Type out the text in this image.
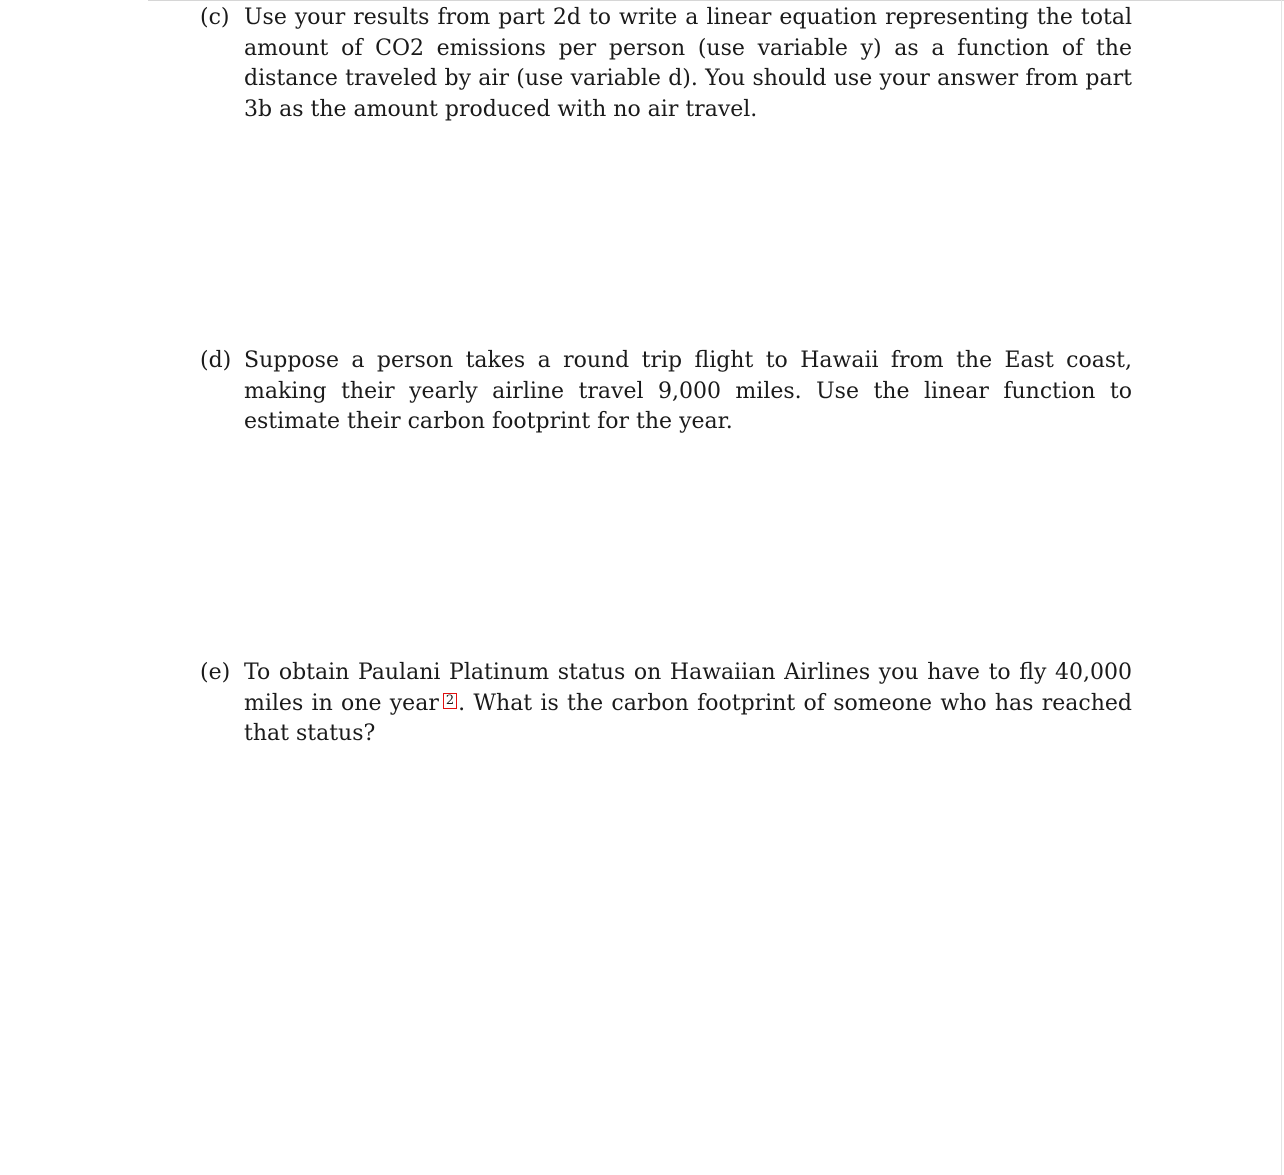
(c) Use your results from part 2d to write a linear equation representing the total amount of CO2 emissions per person (use variable y) as a function of the distance traveled by air (use variable d). You should use your answer from part 3b as the amount produced with no air travel.
(d) Suppose a person takes a round trip flight to Hawaii from the East coast, making their yearly airline travel 9,000 miles. Use the linear function to estimate their carbon footprint for the year.
(e) To obtain Paulani Platinum status on Hawaiian Airlines you have to fly 40,000 miles in one year 2 . What is the carbon footprint of someone who has reached that status?
